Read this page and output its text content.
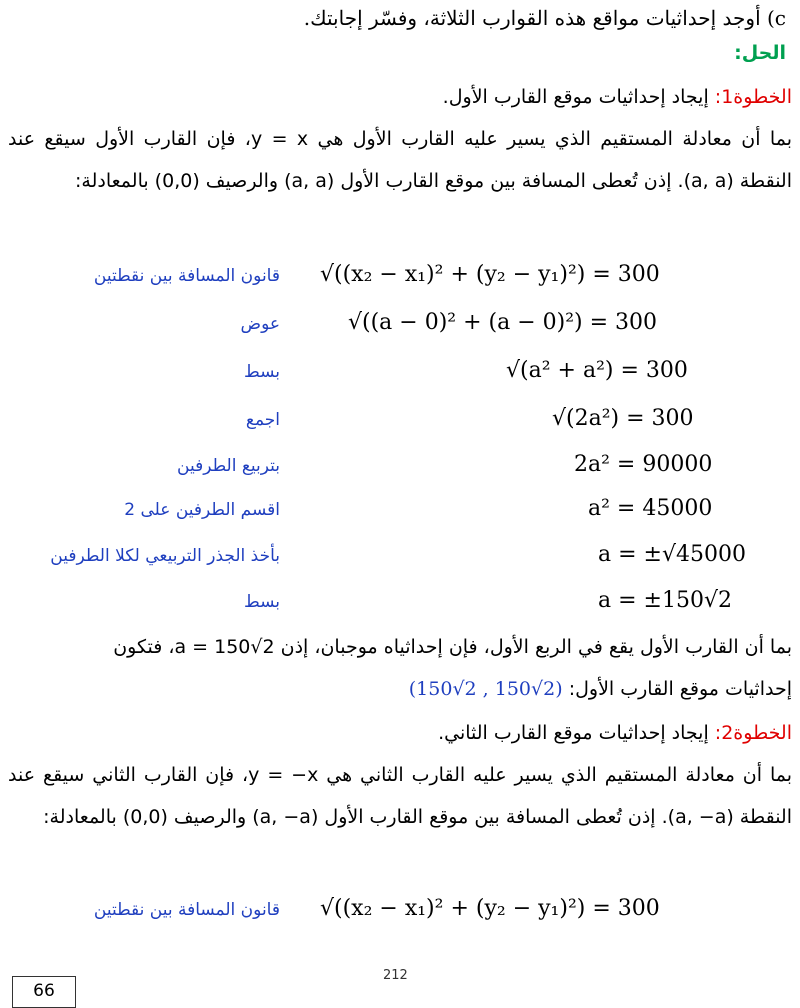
c) أوجد إحداثيات مواقع هذه القوارب الثلاثة، وفسّر إجابتك.
الحل:
الخطوة1: إيجاد إحداثيات موقع القارب الأول.
بما أن معادلة المستقيم الذي يسير عليه القارب الأول هي y = x، فإن القارب الأول سيقع عند النقطة (a, a). إذن تُعطى المسافة بين موقع القارب الأول (a, a) والرصيف (0,0) بالمعادلة:
قانون المسافة بين نقطتين √((x₂ − x₁)² + (y₂ − y₁)²) = 300
عوض	√((a − 0)² + (a − 0)²) = 300
بسط	√(a² + a²) = 300
اجمع	√(2a²) = 300
بتربيع الطرفين	2a² = 90000
اقسم الطرفين على 2	a² = 45000
بأخذ الجذر التربيعي لكلا الطرفين	a = ±√45000
بسط	a = ±150√2
بما أن القارب الأول يقع في الربع الأول، فإن إحداثياه موجبان، إذن a = 150√2، فتكون
إحداثيات موقع القارب الأول: (150√2 , 150√2)
الخطوة2: إيجاد إحداثيات موقع القارب الثاني.
بما أن معادلة المستقيم الذي يسير عليه القارب الثاني هي y = −x، فإن القارب الثاني سيقع عند النقطة (a, −a). إذن تُعطى المسافة بين موقع القارب الأول (a, −a) والرصيف (0,0) بالمعادلة:
قانون المسافة بين نقطتين √((x₂ − x₁)² + (y₂ − y₁)²) = 300
212
66
